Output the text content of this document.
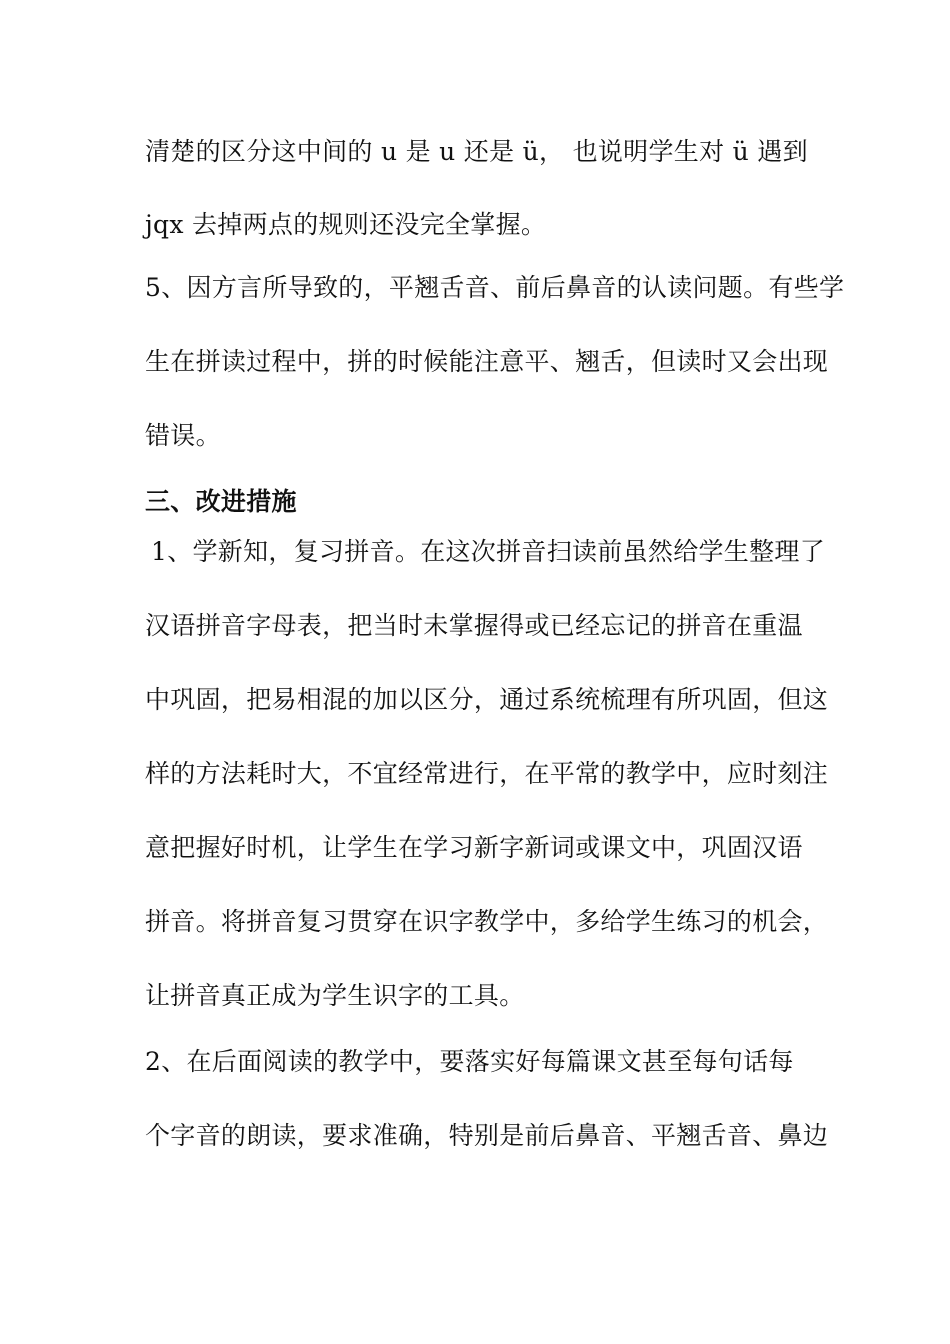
清楚的区分这中间的 u 是 u 还是 ü， 也说明学生对 ü 遇到
jqx 去掉两点的规则还没完全掌握。
5、因方言所导致的，平翘舌音、前后鼻音的认读问题。有些学
生在拼读过程中，拼的时候能注意平、翘舌，但读时又会出现
错误。
三、改进措施
1、学新知，复习拼音。在这次拼音扫读前虽然给学生整理了
汉语拼音字母表，把当时未掌握得或已经忘记的拼音在重温
中巩固，把易相混的加以区分，通过系统梳理有所巩固，但这
样的方法耗时大，不宜经常进行，在平常的教学中，应时刻注
意把握好时机，让学生在学习新字新词或课文中，巩固汉语
拼音。将拼音复习贯穿在识字教学中，多给学生练习的机会，
让拼音真正成为学生识字的工具。
2、在后面阅读的教学中，要落实好每篇课文甚至每句话每
个字音的朗读，要求准确，特别是前后鼻音、平翘舌音、鼻边
